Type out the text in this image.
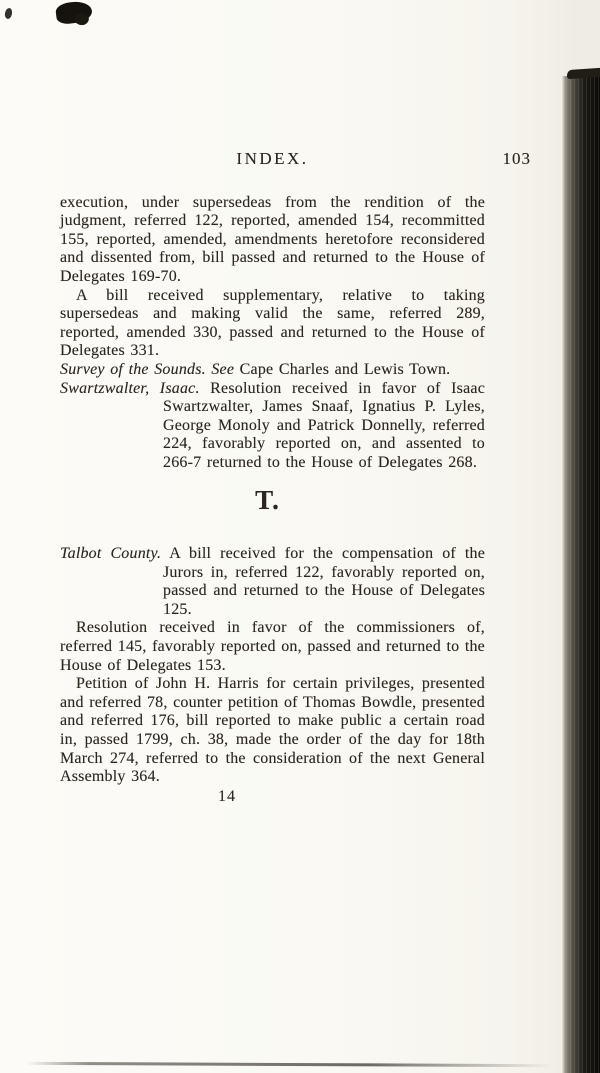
INDEX.	103

execution, under supersedeas from the rendition of the judgment, referred 122, reported, amended 154, recommitted 155, reported, amended, amendments heretofore reconsidered and dissented from, bill passed and returned to the House of Delegates 169-70.

A bill received supplementary, relative to taking supersedeas and making valid the same, referred 289, reported, amended 330, passed and returned to the House of Delegates 331.

Survey of the Sounds. See Cape Charles and Lewis Town.

Swartzwalter, Isaac. Resolution received in favor of Isaac Swartzwalter, James Snaaf, Ignatius P. Lyles, George Monoly and Patrick Donnelly, referred 224, favorably reported on, and assented to 266-7 returned to the House of Delegates 268.

T.

Talbot County. A bill received for the compensation of the Jurors in, referred 122, favorably reported on, passed and returned to the House of Delegates 125.

Resolution received in favor of the commissioners of, referred 145, favorably reported on, passed and returned to the House of Delegates 153.

Petition of John H. Harris for certain privileges, presented and referred 78, counter petition of Thomas Bowdle, presented and referred 176, bill reported to make public a certain road in, passed 1799, ch. 38, made the order of the day for 18th March 274, referred to the consideration of the next General Assembly 364.

14
